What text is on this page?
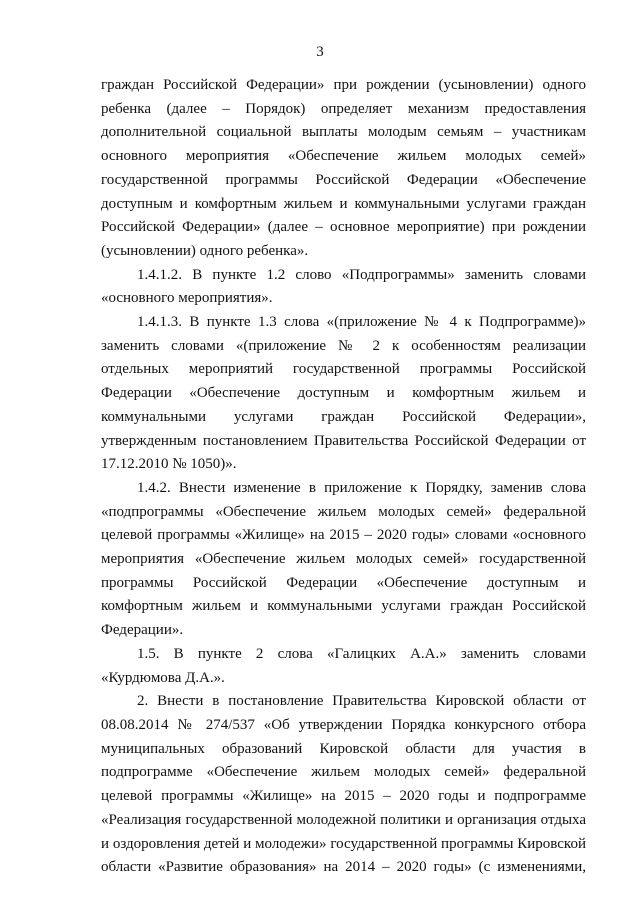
3

граждан Российской Федерации» при рождении (усыновлении) одного ребенка (далее – Порядок) определяет механизм предоставления дополнительной социальной выплаты молодым семьям – участникам основного мероприятия «Обеспечение жильем молодых семей» государственной программы Российской Федерации «Обеспечение доступным и комфортным жильем и коммунальными услугами граждан Российской Федерации» (далее – основное мероприятие) при рождении (усыновлении) одного ребенка».

1.4.1.2. В пункте 1.2 слово «Подпрограммы» заменить словами «основного мероприятия».

1.4.1.3. В пункте 1.3 слова «(приложение № 4 к Подпрограмме)» заменить словами «(приложение № 2 к особенностям реализации отдельных мероприятий государственной программы Российской Федерации «Обеспечение доступным и комфортным жильем и коммунальными услугами граждан Российской Федерации», утвержденным постановлением Правительства Российской Федерации от 17.12.2010 № 1050)».

1.4.2. Внести изменение в приложение к Порядку, заменив слова «подпрограммы «Обеспечение жильем молодых семей» федеральной целевой программы «Жилище» на 2015 – 2020 годы» словами «основного мероприятия «Обеспечение жильем молодых семей» государственной программы Российской Федерации «Обеспечение доступным и комфортным жильем и коммунальными услугами граждан Российской Федерации».

1.5. В пункте 2 слова «Галицких А.А.» заменить словами «Курдюмова Д.А.».

2. Внести в постановление Правительства Кировской области от 08.08.2014 № 274/537 «Об утверждении Порядка конкурсного отбора муниципальных образований Кировской области для участия в подпрограмме «Обеспечение жильем молодых семей» федеральной целевой программы «Жилище» на 2015 – 2020 годы и подпрограмме «Реализация государственной молодежной политики и организация отдыха и оздоровления детей и молодежи» государственной программы Кировской области «Развитие образования» на 2014 – 2020 годы» (с изменениями,
